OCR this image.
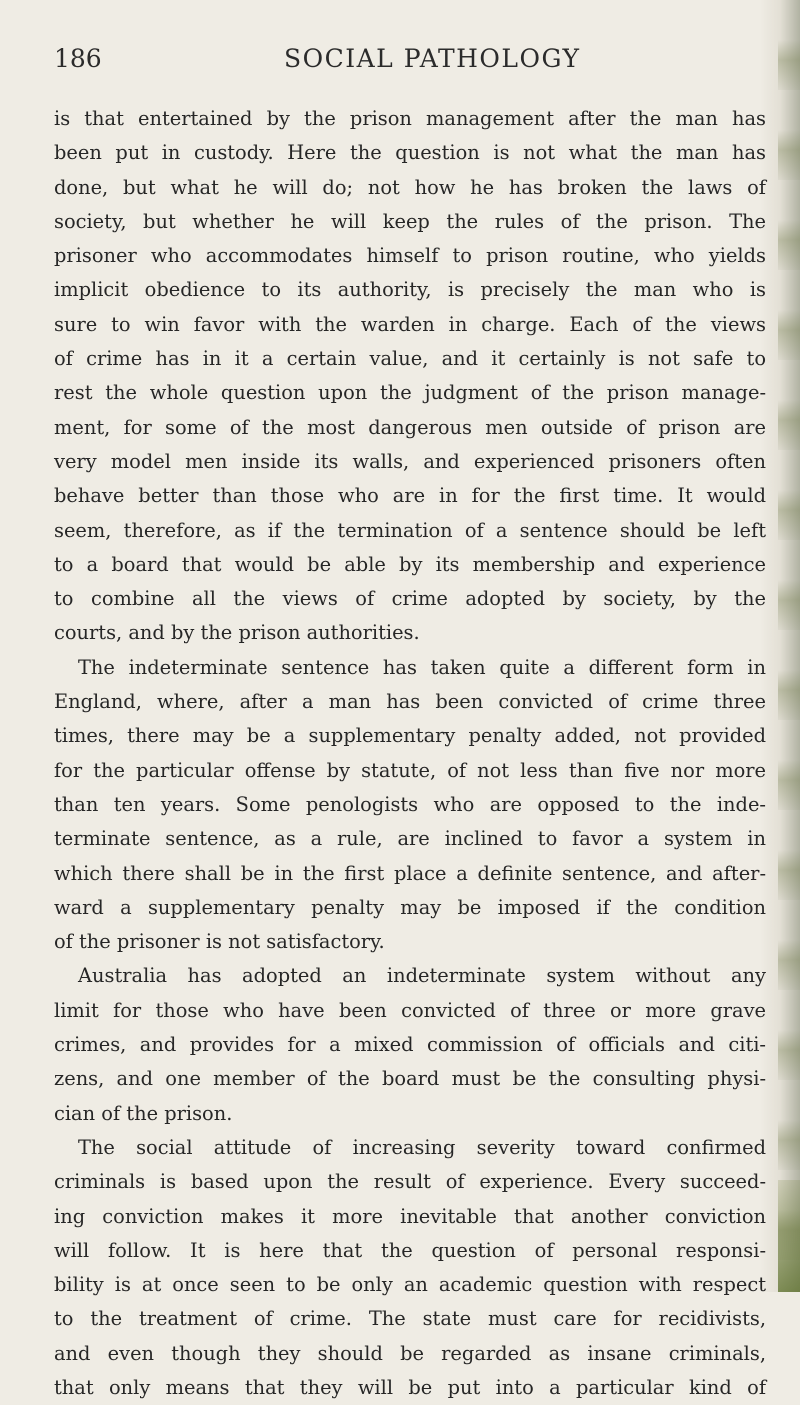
186	SOCIAL PATHOLOGY

is that entertained by the prison management after the man has
been put in custody. Here the question is not what the man has
done, but what he will do; not how he has broken the laws of
society, but whether he will keep the rules of the prison. The
prisoner who accommodates himself to prison routine, who yields
implicit obedience to its authority, is precisely the man who is
sure to win favor with the warden in charge. Each of the views
of crime has in it a certain value, and it certainly is not safe to
rest the whole question upon the judgment of the prison manage-
ment, for some of the most dangerous men outside of prison are
very model men inside its walls, and experienced prisoners often
behave better than those who are in for the first time. It would
seem, therefore, as if the termination of a sentence should be left
to a board that would be able by its membership and experience
to combine all the views of crime adopted by society, by the
courts, and by the prison authorities.

The indeterminate sentence has taken quite a different form in
England, where, after a man has been convicted of crime three
times, there may be a supplementary penalty added, not provided
for the particular offense by statute, of not less than five nor more
than ten years. Some penologists who are opposed to the inde-
terminate sentence, as a rule, are inclined to favor a system in
which there shall be in the first place a definite sentence, and after-
ward a supplementary penalty may be imposed if the condition
of the prisoner is not satisfactory.

Australia has adopted an indeterminate system without any
limit for those who have been convicted of three or more grave
crimes, and provides for a mixed commission of officials and citi-
zens, and one member of the board must be the consulting physi-
cian of the prison.

The social attitude of increasing severity toward confirmed
criminals is based upon the result of experience. Every succeed-
ing conviction makes it more inevitable that another conviction
will follow. It is here that the question of personal responsi-
bility is at once seen to be only an academic question with respect
to the treatment of crime. The state must care for recidivists,
and even though they should be regarded as insane criminals,
that only means that they will be put into a particular kind of
